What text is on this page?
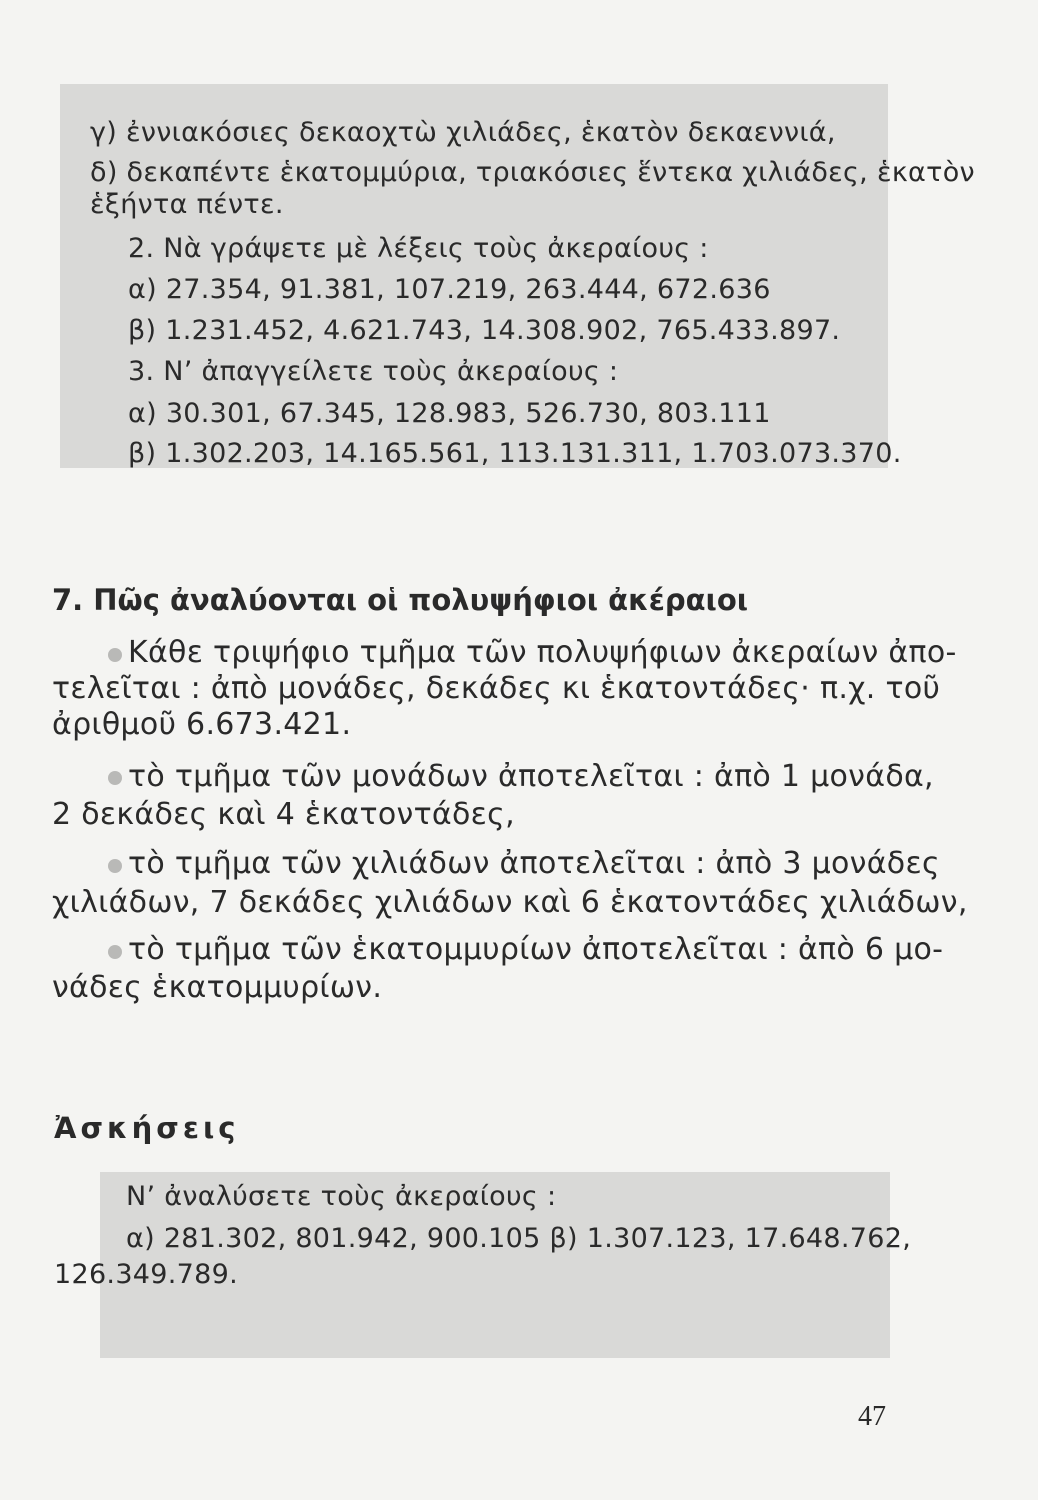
γ) ἐννιακόσιες δεκαοχτὼ χιλιάδες, ἑκατὸν δεκαεννιά,
δ) δεκαπέντε ἑκατομμύρια, τριακόσιες ἕντεκα χιλιάδες, ἑκατὸν
ἑξήντα πέντε.
2. Νὰ γράψετε μὲ λέξεις τοὺς ἀκεραίους :
α) 27.354, 91.381, 107.219, 263.444, 672.636
β) 1.231.452, 4.621.743, 14.308.902, 765.433.897.
3. Ν’ ἀπαγγείλετε τοὺς ἀκεραίους :
α) 30.301, 67.345, 128.983, 526.730, 803.111
β) 1.302.203, 14.165.561, 113.131.311, 1.703.073.370.
7. Πῶς ἀναλύονται οἱ πολυψήφιοι ἀκέραιοι
Κάθε τριψήφιο τμῆμα τῶν πολυψήφιων ἀκεραίων ἀπο-
τελεῖται : ἀπὸ μονάδες, δεκάδες κι ἑκατοντάδες· π.χ. τοῦ
ἀριθμοῦ 6.673.421.
τὸ τμῆμα τῶν μονάδων ἀποτελεῖται : ἀπὸ 1 μονάδα,
2 δεκάδες καὶ 4 ἑκατοντάδες,
τὸ τμῆμα τῶν χιλιάδων ἀποτελεῖται : ἀπὸ 3 μονάδες
χιλιάδων, 7 δεκάδες χιλιάδων καὶ 6 ἑκατοντάδες χιλιάδων,
τὸ τμῆμα τῶν ἑκατομμυρίων ἀποτελεῖται : ἀπὸ 6 μο-
νάδες ἑκατομμυρίων.
Ἀσκήσεις
Ν’ ἀναλύσετε τοὺς ἀκεραίους :
α) 281.302, 801.942, 900.105 β) 1.307.123, 17.648.762,
126.349.789.
47
